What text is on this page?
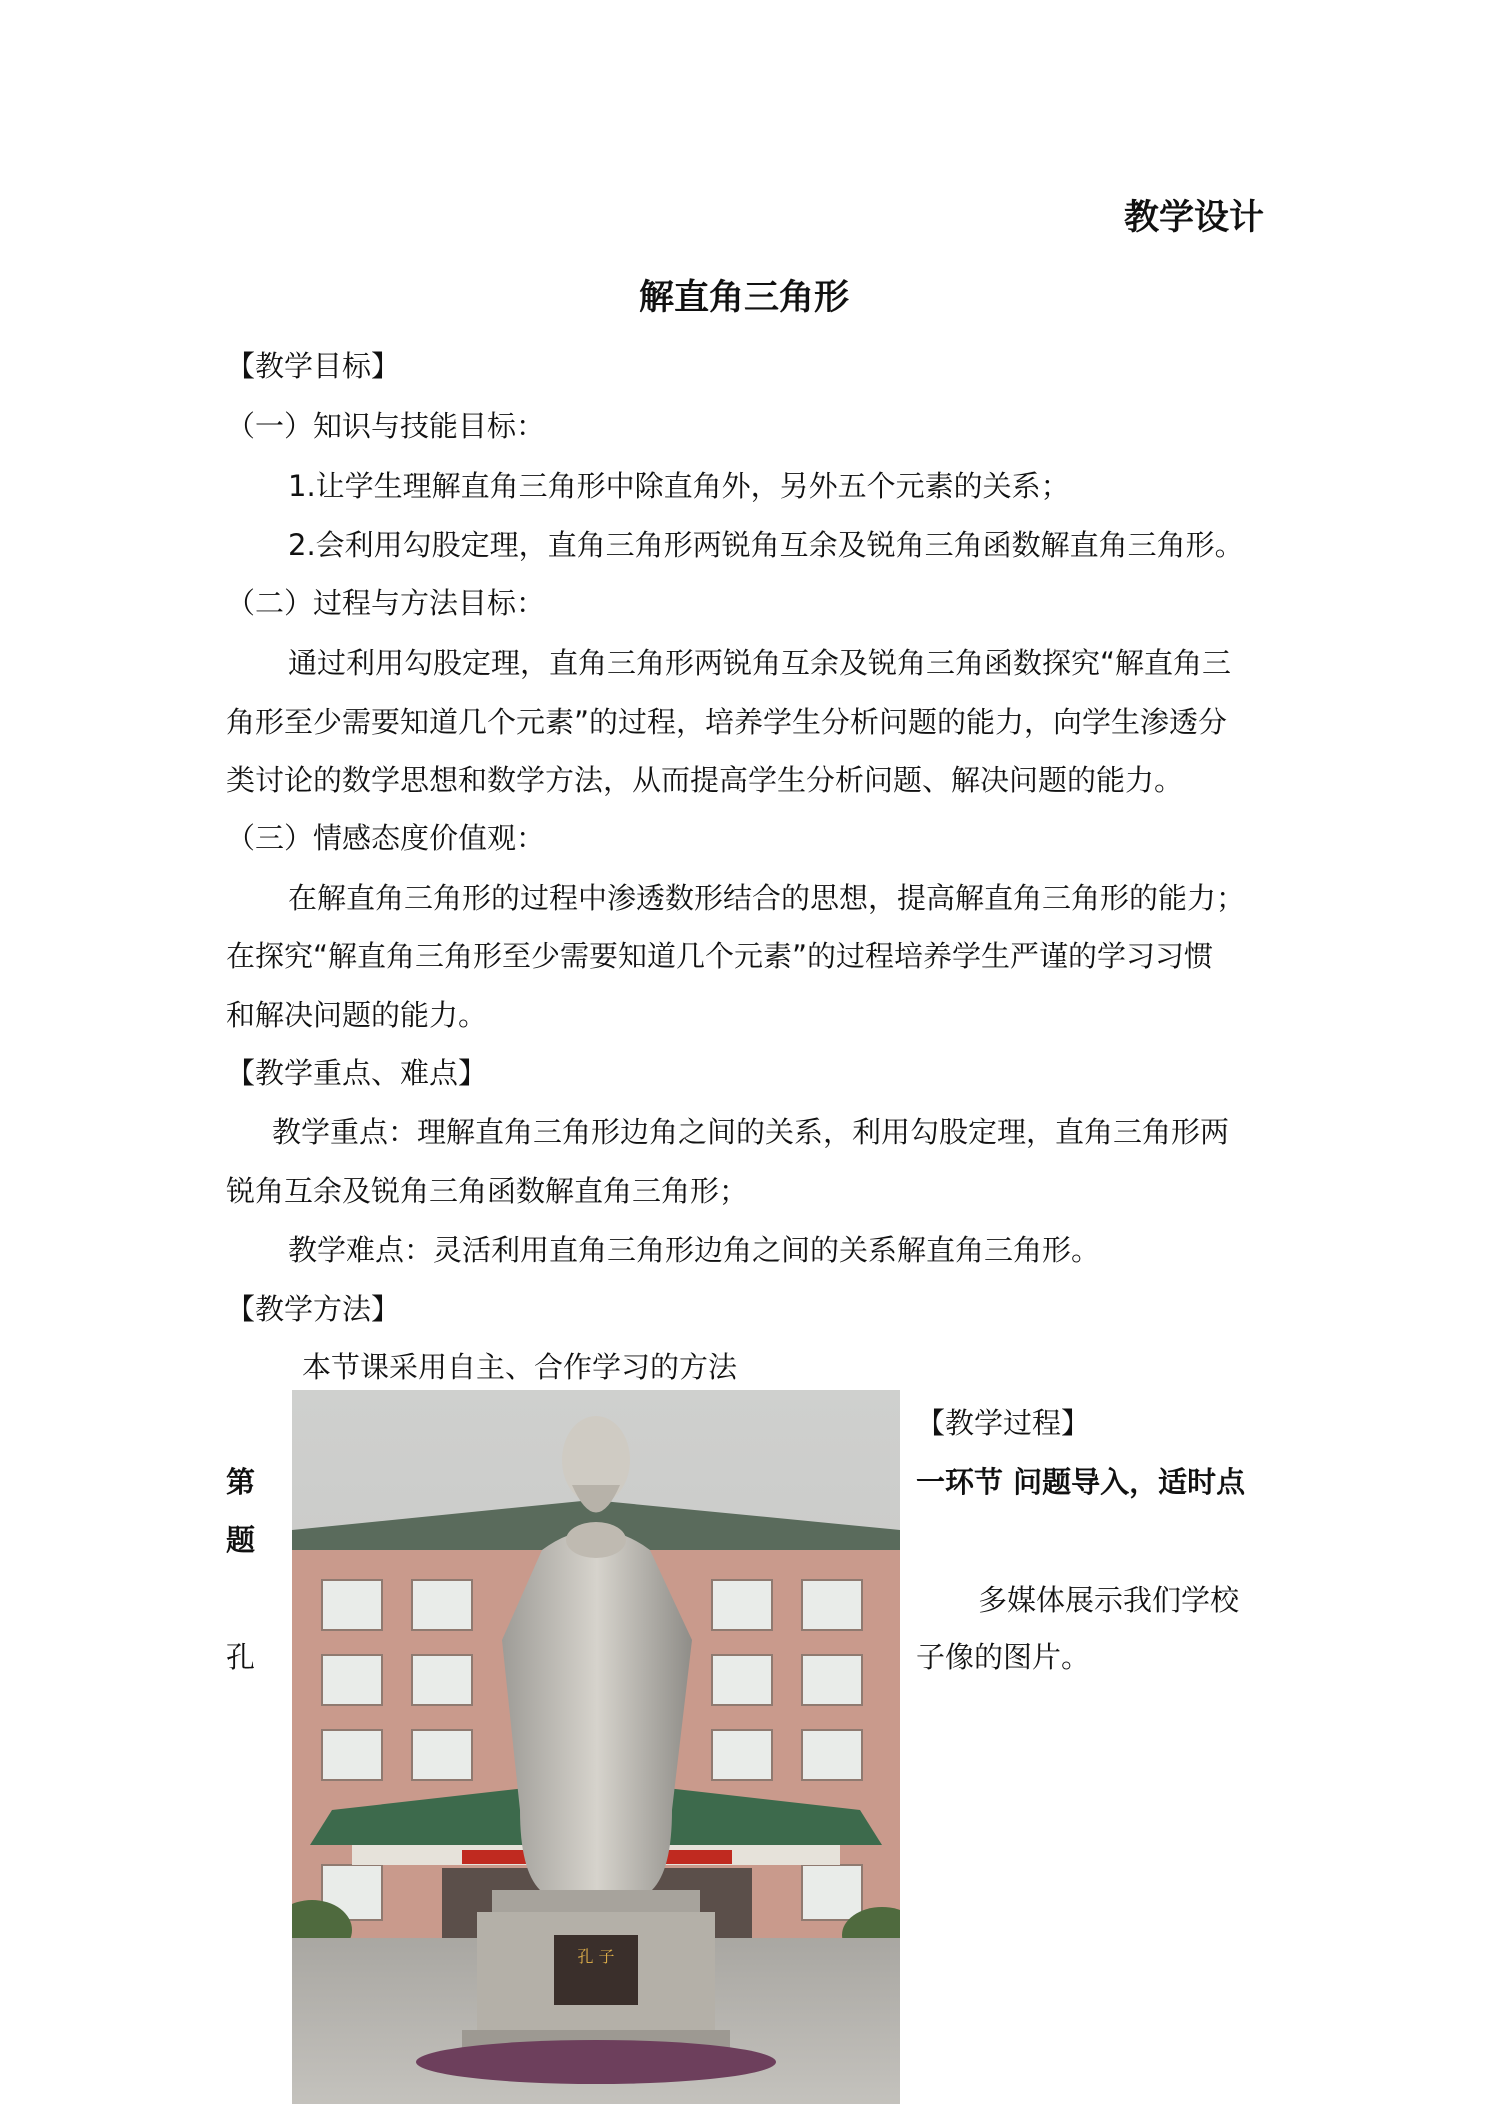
教学设计
解直角三角形
【教学目标】
（一）知识与技能目标：
1.让学生理解直角三角形中除直角外，另外五个元素的关系；
2.会利用勾股定理，直角三角形两锐角互余及锐角三角函数解直角三角形。
（二）过程与方法目标：
通过利用勾股定理，直角三角形两锐角互余及锐角三角函数探究“解直角三
角形至少需要知道几个元素”的过程，培养学生分析问题的能力，向学生渗透分
类讨论的数学思想和数学方法，从而提高学生分析问题、解决问题的能力。
（三）情感态度价值观：
在解直角三角形的过程中渗透数形结合的思想，提高解直角三角形的能力；
在探究“解直角三角形至少需要知道几个元素”的过程培养学生严谨的学习习惯
和解决问题的能力。
【教学重点、难点】
教学重点：理解直角三角形边角之间的关系，利用勾股定理，直角三角形两
锐角互余及锐角三角函数解直角三角形；
教学难点：灵活利用直角三角形边角之间的关系解直角三角形。
【教学方法】
本节课采用自主、合作学习的方法
【教学过程】
第	一环节 问题导入，适时点
题
多媒体展示我们学校
孔	子像的图片。
孔 子
